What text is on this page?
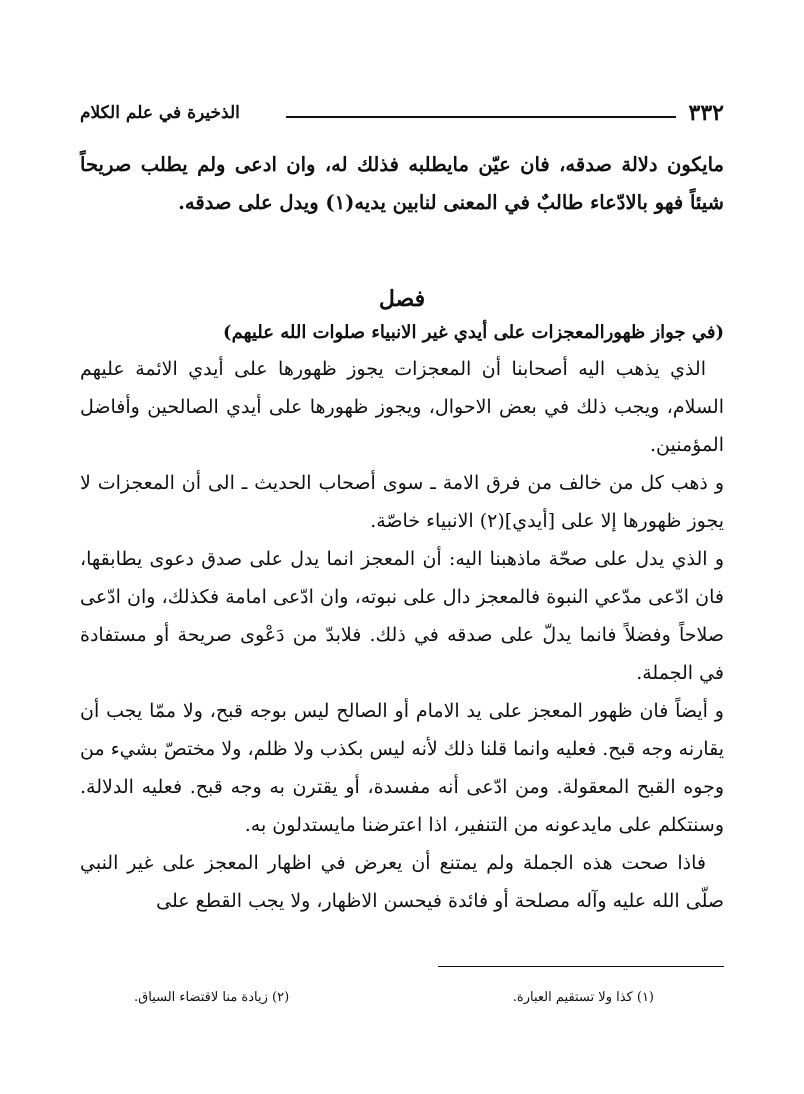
٣٣٢
الذخيرة في علم الكلام

مايكون دلالة صدقه، فان عيّن مايطلبه فذلك له، وان ادعى ولم يطلب صريحاً شيئاً فهو بالادّعاء طالبٌ في المعنى لنابين يديه(١) ويدل على صدقه.

فصل

(في جواز ظهورالمعجزات على أيدي غير الانبياء صلوات الله عليهم)

الذي يذهب اليه أصحابنا أن المعجزات يجوز ظهورها على أيدي الائمة عليهم السلام، ويجب ذلك في بعض الاحوال، ويجوز ظهورها على أيدي الصالحين وأفاضل المؤمنين.

و ذهب كل من خالف من فرق الامة ـ سوى أصحاب الحديث ـ الى أن المعجزات لا يجوز ظهورها إلا على [أيدي](٢) الانبياء خاصّة.

و الذي يدل على صحّة ماذهبنا اليه: أن المعجز انما يدل على صدق دعوى يطابقها، فان ادّعى مدّعي النبوة فالمعجز دال على نبوته، وان ادّعى امامة فكذلك، وان ادّعى صلاحاً وفضلاً فانما يدلّ على صدقه في ذلك. فلابدّ من دَعْوى صريحة أو مستفادة في الجملة.

و أيضاً فان ظهور المعجز على يد الامام أو الصالح ليس بوجه قبح، ولا ممّا يجب أن يقارنه وجه قبح. فعليه وانما قلنا ذلك لأنه ليس بكذب ولا ظلم، ولا مختصّ بشيء من وجوه القبح المعقولة. ومن ادّعى أنه مفسدة، أو يقترن به وجه قبح. فعليه الدلالة. وسنتكلم على مايدعونه من التنفير، اذا اعترضنا مايستدلون به.

فاذا صحت هذه الجملة ولم يمتنع أن يعرض في اظهار المعجز على غير النبي صلّى الله عليه وآله مصلحة أو فائدة فيحسن الاظهار، ولا يجب القطع على

(١) كذا ولا تستقيم العبارة.
(٢) زيادة منا لاقتضاء السياق.
